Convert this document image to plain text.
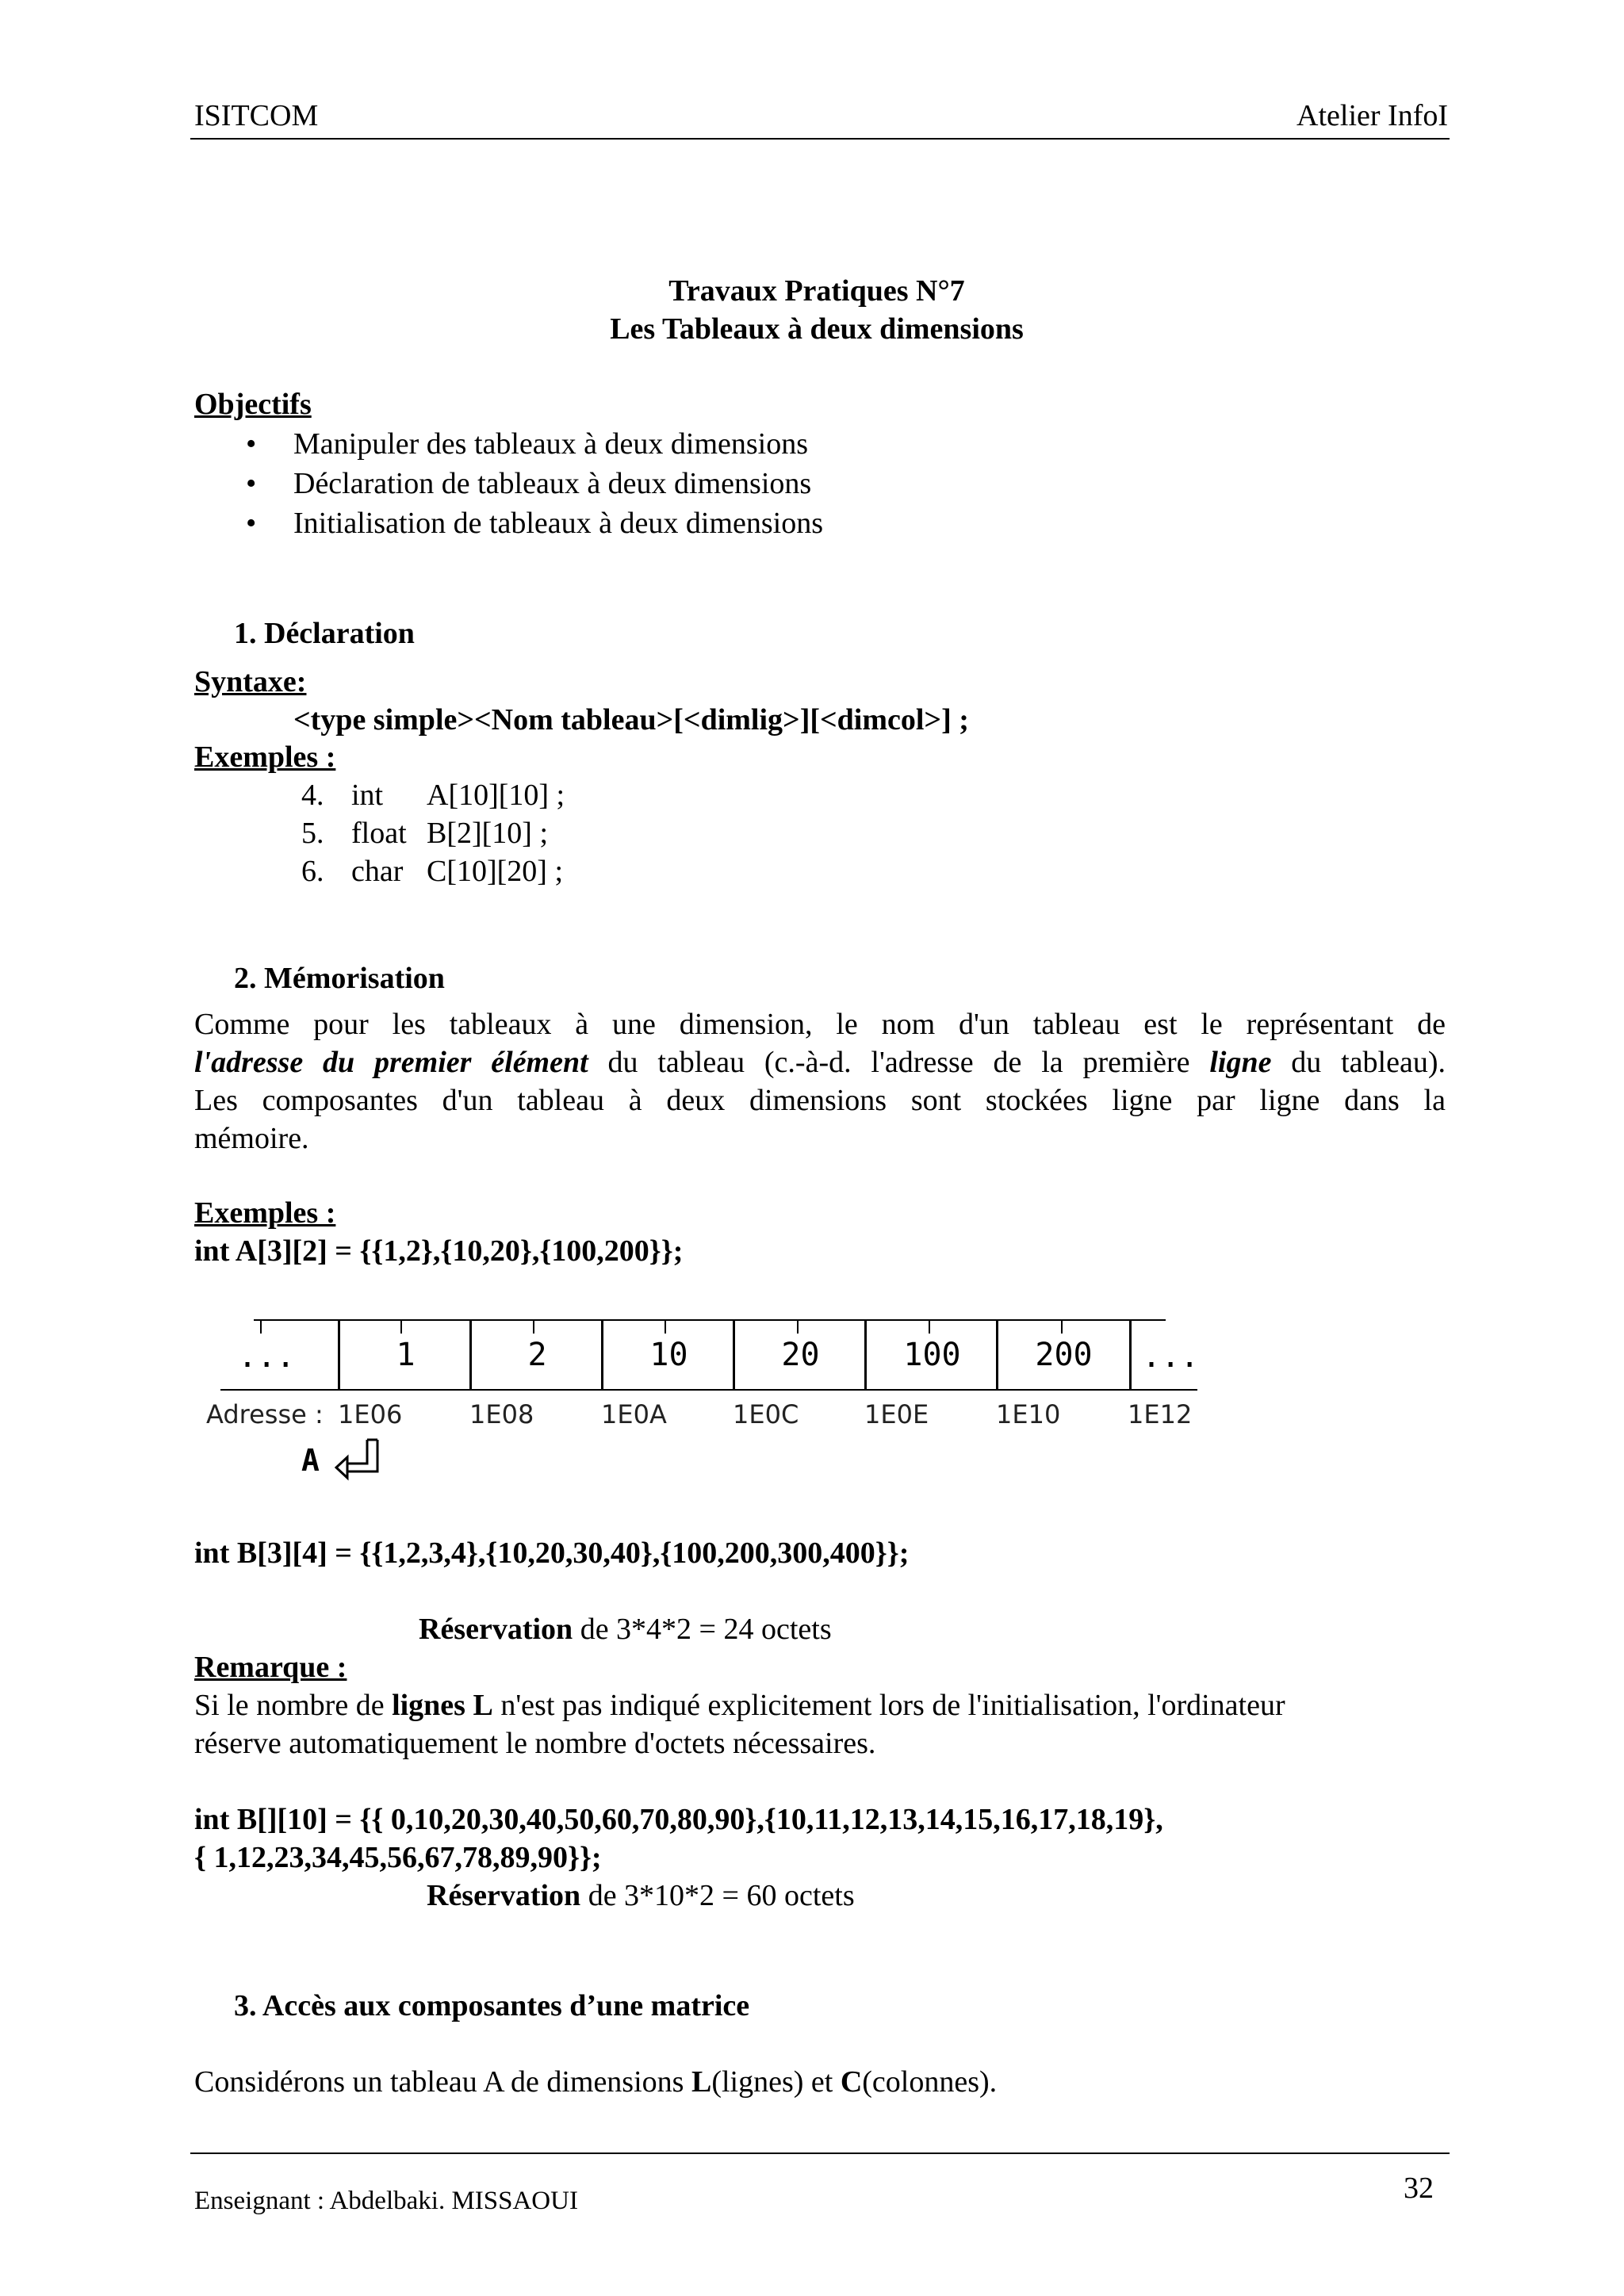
ISITCOM	Atelier InfoI
Travaux Pratiques N°7
Les Tableaux à deux dimensions
Objectifs
• Manipuler des tableaux à deux dimensions
• Déclaration de tableaux à deux dimensions
• Initialisation de tableaux à deux dimensions
1. Déclaration
Syntaxe:
<type simple><Nom tableau>[<dimlig>][<dimcol>] ;
Exemples :
4. int A[10][10] ;
5. float B[2][10] ;
6. char C[10][20] ;
2. Mémorisation
Comme pour les tableaux à une dimension, le nom d'un tableau est le représentant de
l'adresse du premier élément du tableau (c.-à-d. l'adresse de la première ligne du tableau).
Les composantes d'un tableau à deux dimensions sont stockées ligne par ligne dans la
mémoire.
Exemples :
int A[3][2] = {{1,2},{10,20},{100,200}};
...	1	2	10	20	100	200	...
Adresse : 1E06	1E08	1E0A	1E0C	1E0E	1E10	1E12
A
int B[3][4] = {{1,2,3,4},{10,20,30,40},{100,200,300,400}};
Réservation de 3*4*2 = 24 octets
Remarque :
Si le nombre de lignes L n'est pas indiqué explicitement lors de l'initialisation, l'ordinateur
réserve automatiquement le nombre d'octets nécessaires.
int B[][10] = {{ 0,10,20,30,40,50,60,70,80,90},{10,11,12,13,14,15,16,17,18,19},
{ 1,12,23,34,45,56,67,78,89,90}};
Réservation de 3*10*2 = 60 octets
3. Accès aux composantes d’une matrice
Considérons un tableau A de dimensions L(lignes) et C(colonnes).
Enseignant : Abdelbaki. MISSAOUI	32
